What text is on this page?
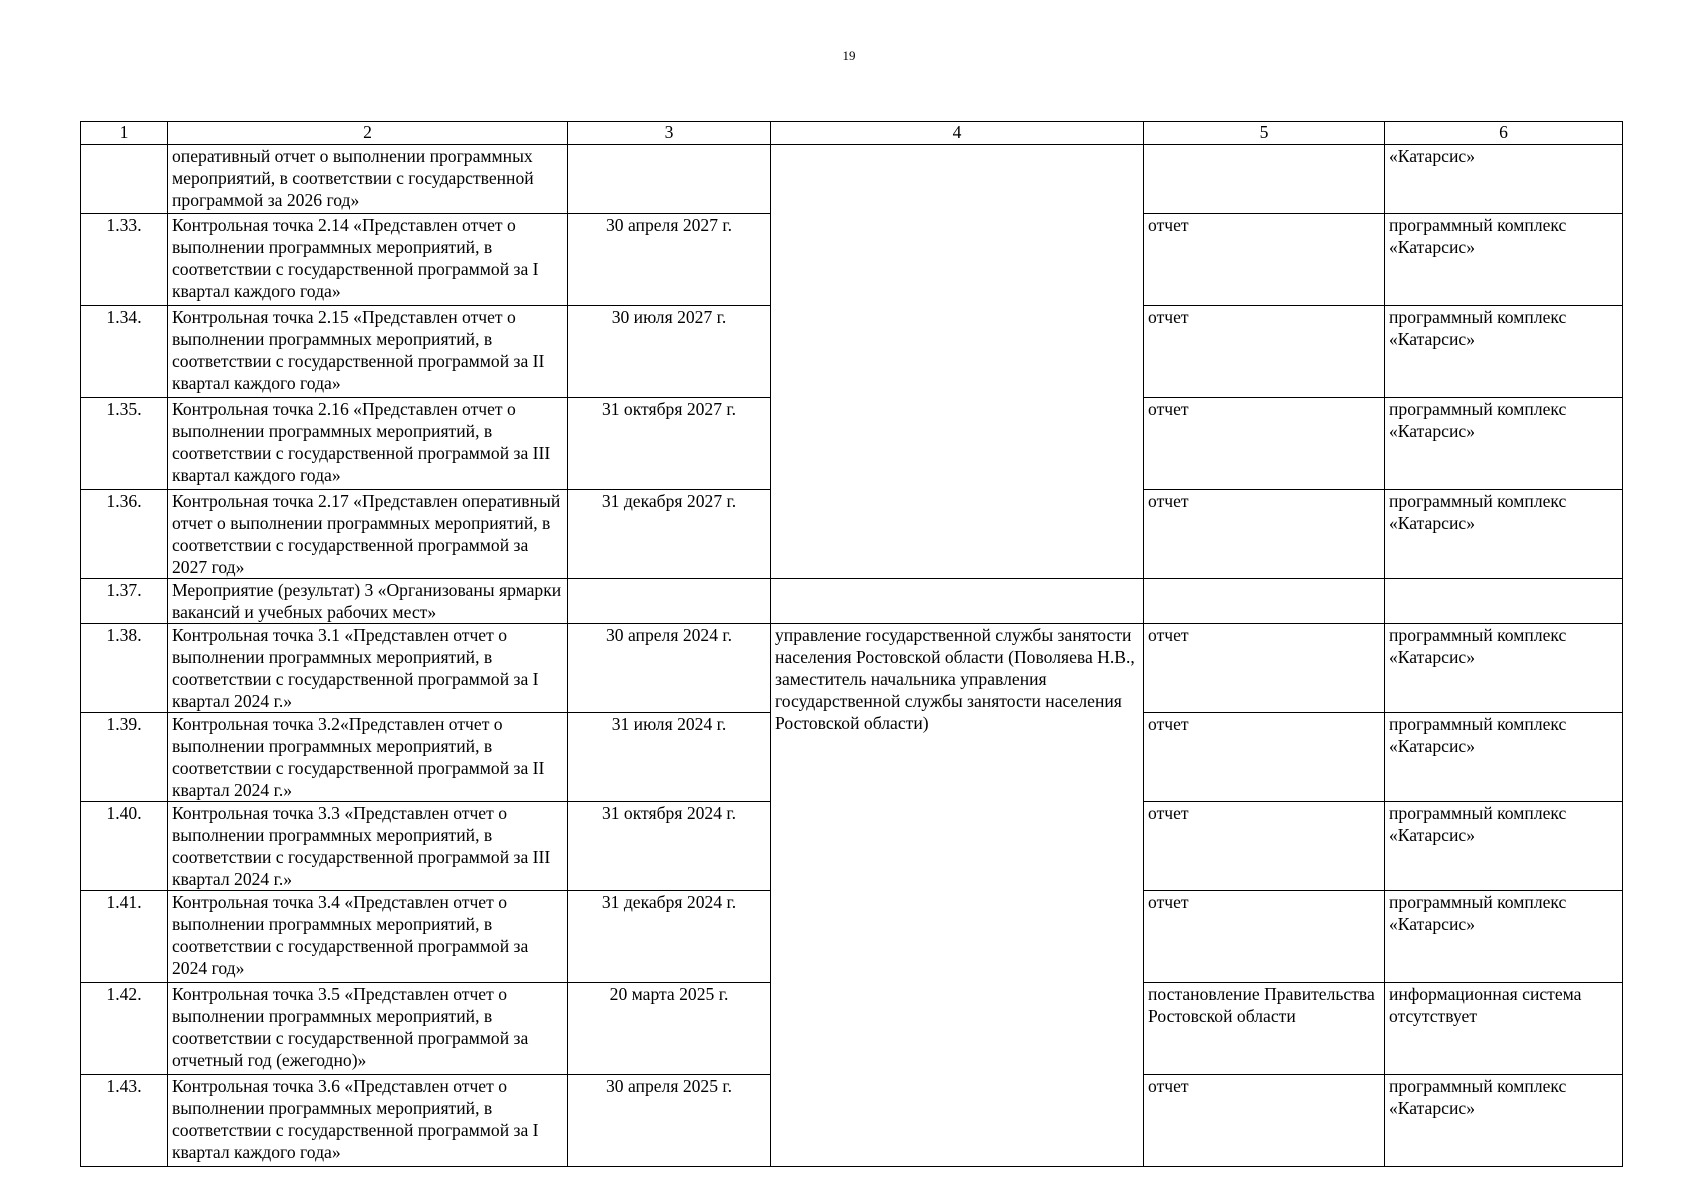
19
1	2	3	4	5	6
	оперативный отчет о выполнении программных мероприятий, в соответствии с государственной программой за 2026 год»				«Катарсис»
1.33.	Контрольная точка 2.14 «Представлен отчет о выполнении программных мероприятий, в соответствии с государственной программой за I квартал каждого года»	30 апреля 2027 г.		отчет	программный комплекс «Катарсис»
1.34.	Контрольная точка 2.15 «Представлен отчет о выполнении программных мероприятий, в соответствии с государственной программой за II квартал каждого года»	30 июля 2027 г.		отчет	программный комплекс «Катарсис»
1.35.	Контрольная точка 2.16 «Представлен отчет о выполнении программных мероприятий, в соответствии с государственной программой за III квартал каждого года»	31 октября 2027 г.		отчет	программный комплекс «Катарсис»
1.36.	Контрольная точка 2.17 «Представлен оперативный отчет о выполнении программных мероприятий, в соответствии с государственной программой за 2027 год»	31 декабря 2027 г.		отчет	программный комплекс «Катарсис»
1.37.	Мероприятие (результат) 3 «Организованы ярмарки вакансий и учебных рабочих мест»				
1.38.	Контрольная точка 3.1 «Представлен отчет о выполнении программных мероприятий, в соответствии с государственной программой за I квартал 2024 г.»	30 апреля 2024 г.	управление государственной службы занятости населения Ростовской области (Поволяева Н.В., заместитель начальника управления государственной службы занятости населения Ростовской области)	отчет	программный комплекс «Катарсис»
1.39.	Контрольная точка 3.2«Представлен отчет о выполнении программных мероприятий, в соответствии с государственной программой за II квартал 2024 г.»	31 июля 2024 г.		отчет	программный комплекс «Катарсис»
1.40.	Контрольная точка 3.3 «Представлен отчет о выполнении программных мероприятий, в соответствии с государственной программой за III квартал 2024 г.»	31 октября 2024 г.		отчет	программный комплекс «Катарсис»
1.41.	Контрольная точка 3.4 «Представлен отчет о выполнении программных мероприятий, в соответствии с государственной программой за 2024 год»	31 декабря 2024 г.		отчет	программный комплекс «Катарсис»
1.42.	Контрольная точка 3.5 «Представлен отчет о выполнении программных мероприятий, в соответствии с государственной программой за отчетный год (ежегодно)»	20 марта 2025 г.		постановление Правительства Ростовской области	информационная система отсутствует
1.43.	Контрольная точка 3.6 «Представлен отчет о выполнении программных мероприятий, в соответствии с государственной программой за I квартал каждого года»	30 апреля 2025 г.		отчет	программный комплекс «Катарсис»
